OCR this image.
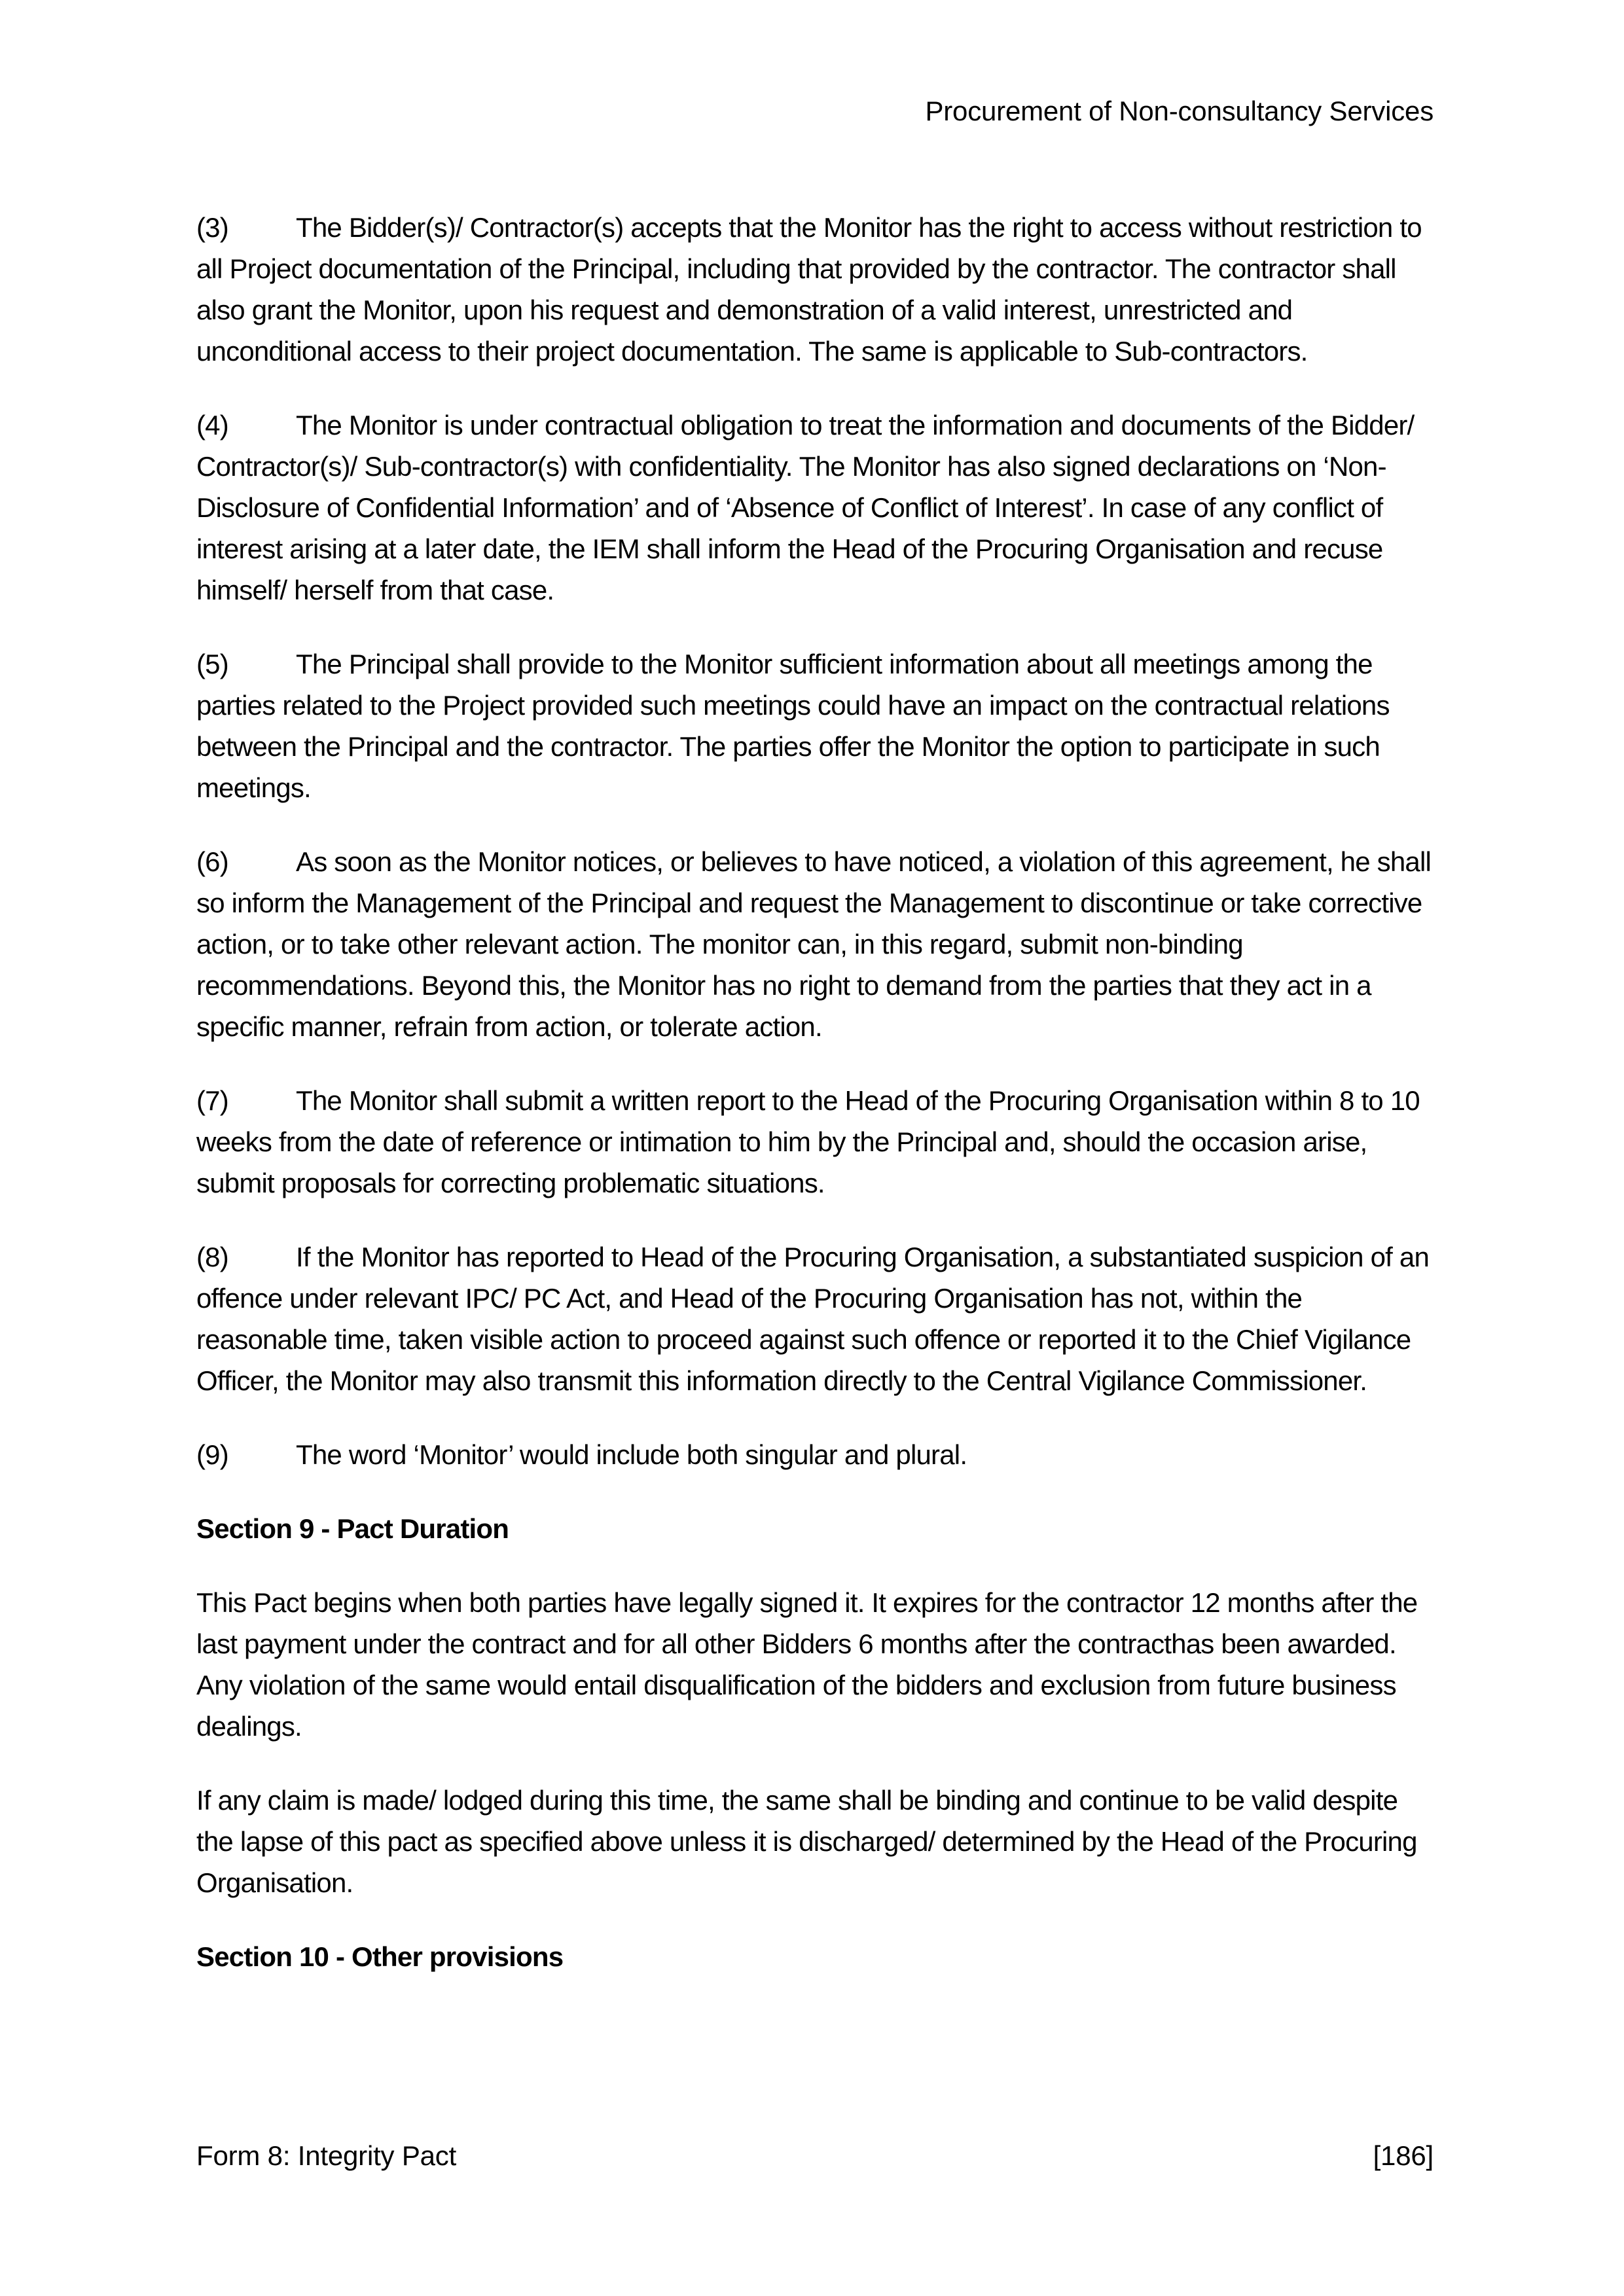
Procurement of Non-consultancy Services

(3) The Bidder(s)/ Contractor(s) accepts that the Monitor has the right to access without restriction to all Project documentation of the Principal, including that provided by the contractor. The contractor shall also grant the Monitor, upon his request and demonstration of a valid interest, unrestricted and unconditional access to their project documentation. The same is applicable to Sub-contractors.

(4) The Monitor is under contractual obligation to treat the information and documents of the Bidder/ Contractor(s)/ Sub-contractor(s) with confidentiality. The Monitor has also signed declarations on ‘Non-Disclosure of Confidential Information’ and of ‘Absence of Conflict of Interest’. In case of any conflict of interest arising at a later date, the IEM shall inform the Head of the Procuring Organisation and recuse himself/ herself from that case.

(5) The Principal shall provide to the Monitor sufficient information about all meetings among the parties related to the Project provided such meetings could have an impact on the contractual relations between the Principal and the contractor. The parties offer the Monitor the option to participate in such meetings.

(6) As soon as the Monitor notices, or believes to have noticed, a violation of this agreement, he shall so inform the Management of the Principal and request the Management to discontinue or take corrective action, or to take other relevant action. The monitor can, in this regard, submit non-binding recommendations. Beyond this, the Monitor has no right to demand from the parties that they act in a specific manner, refrain from action, or tolerate action.

(7) The Monitor shall submit a written report to the Head of the Procuring Organisation within 8 to 10 weeks from the date of reference or intimation to him by the Principal and, should the occasion arise, submit proposals for correcting problematic situations.

(8) If the Monitor has reported to Head of the Procuring Organisation, a substantiated suspicion of an offence under relevant IPC/ PC Act, and Head of the Procuring Organisation has not, within the reasonable time, taken visible action to proceed against such offence or reported it to the Chief Vigilance Officer, the Monitor may also transmit this information directly to the Central Vigilance Commissioner.

(9) The word ‘Monitor’ would include both singular and plural.

Section 9 - Pact Duration

This Pact begins when both parties have legally signed it. It expires for the contractor 12 months after the last payment under the contract and for all other Bidders 6 months after the contracthas been awarded. Any violation of the same would entail disqualification of the bidders and exclusion from future business dealings.

If any claim is made/ lodged during this time, the same shall be binding and continue to be valid despite the lapse of this pact as specified above unless it is discharged/ determined by the Head of the Procuring Organisation.

Section 10 - Other provisions

Form 8: Integrity Pact	[186]
